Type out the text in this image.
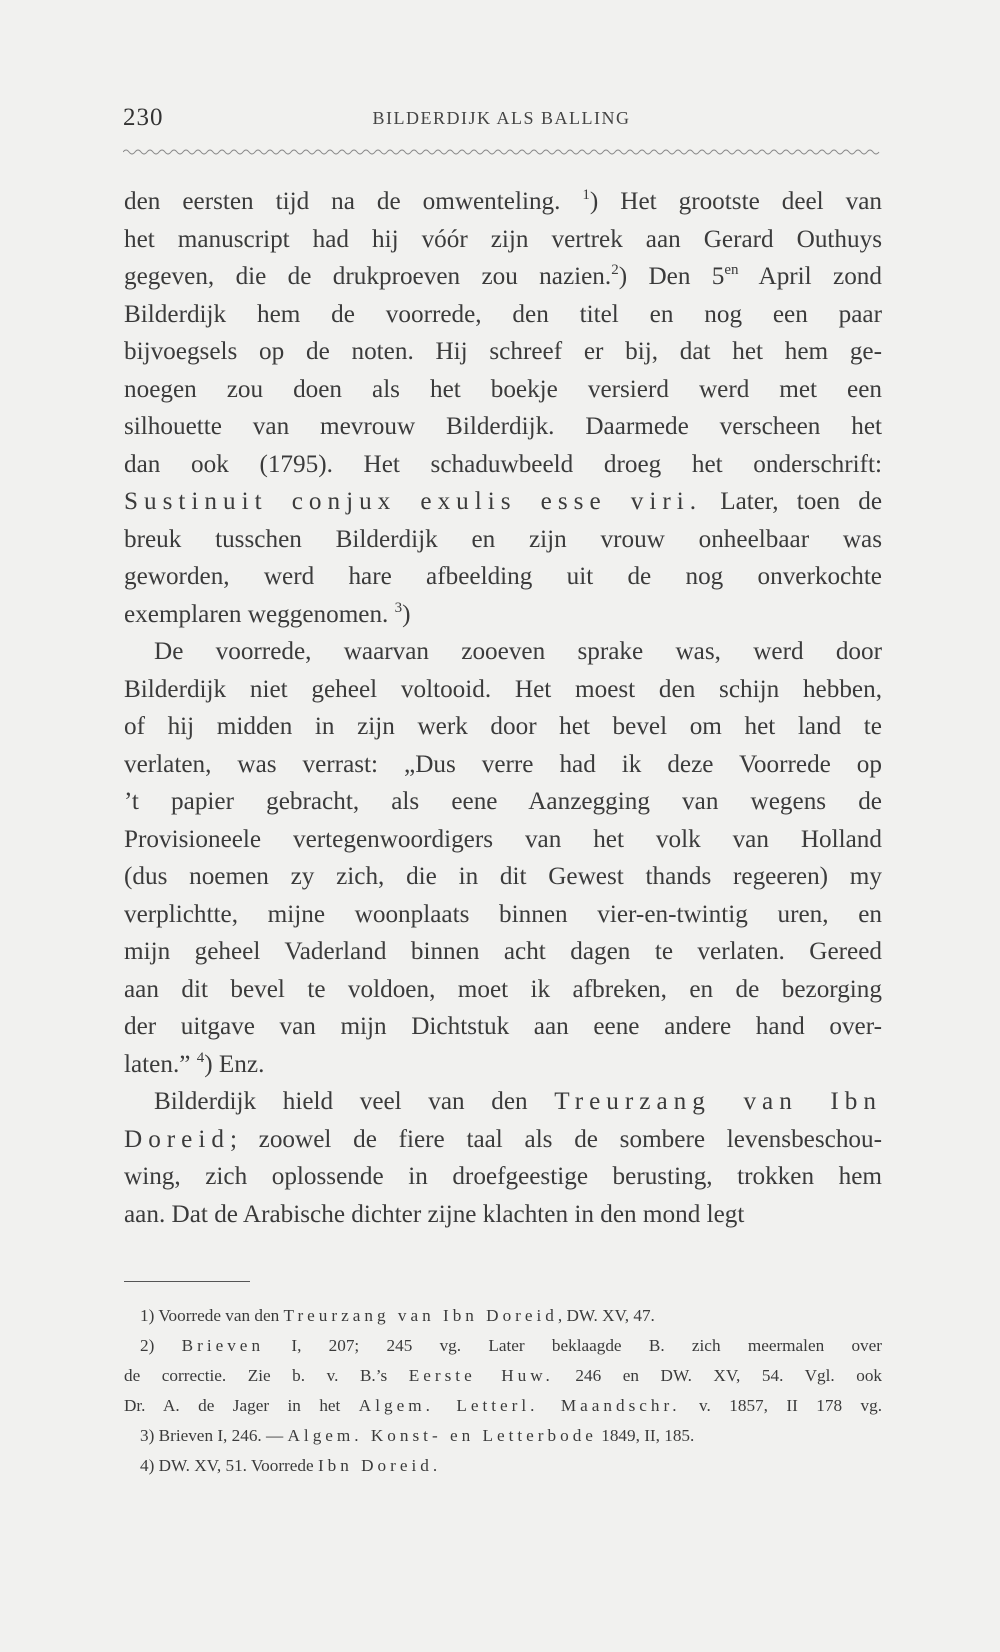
230	BILDERDIJK ALS BALLING

den eersten tijd na de omwenteling. $^1$) Het grootste deel van

het manuscript had hij vóór zijn vertrek aan Gerard Outhuys

gegeven, die de drukproeven zou nazien.$^2$) Den $5^{en}$ April zond

Bilderdijk hem de voorrede, den titel en nog een paar

bijvoegsels op de noten. Hij schreef er bij, dat het hem ge-

noegen zou doen als het boekje versierd werd met een

silhouette van mevrouw Bilderdijk. Daarmede verscheen het

dan ook (1795). Het schaduwbeeld droeg het onderschrift:

Sustinuit conjux exulis esse viri. Later, toen de

breuk tusschen Bilderdijk en zijn vrouw onheelbaar was

geworden, werd hare afbeelding uit de nog onverkochte

exemplaren weggenomen. $^3$)

De voorrede, waarvan zooeven sprake was, werd door

Bilderdijk niet geheel voltooid. Het moest den schijn hebben,

of hij midden in zijn werk door het bevel om het land te

verlaten, was verrast: „Dus verre had ik deze Voorrede op

’t papier gebracht, als eene Aanzegging van wegens de

Provisioneele vertegenwoordigers van het volk van Holland

(dus noemen zy zich, die in dit Gewest thands regeeren) my

verplichtte, mijne woonplaats binnen vier-en-twintig uren, en

mijn geheel Vaderland binnen acht dagen te verlaten. Gereed

aan dit bevel te voldoen, moet ik afbreken, en de bezorging

der uitgave van mijn Dichtstuk aan eene andere hand over-

laten.” $^4$) Enz.

Bilderdijk hield veel van den Treurzang van Ibn

Doreid; zoowel de fiere taal als de sombere levensbeschou-

wing, zich oplossende in droefgeestige berusting, trokken hem

aan. Dat de Arabische dichter zijne klachten in den mond legt

1) Voorrede van den Treurzang van Ibn Doreid, DW. XV, 47.

2) Brieven I, 207; 245 vg. Later beklaagde B. zich meermalen over

de correctie. Zie b. v. B.’s Eerste Huw. 246 en DW. XV, 54. Vgl. ook

Dr. A. de Jager in het Algem. Letterl. Maandschr. v. 1857, II 178 vg.

3) Brieven I, 246. — Algem. Konst- en Letterbode 1849, II, 185.

4) DW. XV, 51. Voorrede Ibn Doreid.
